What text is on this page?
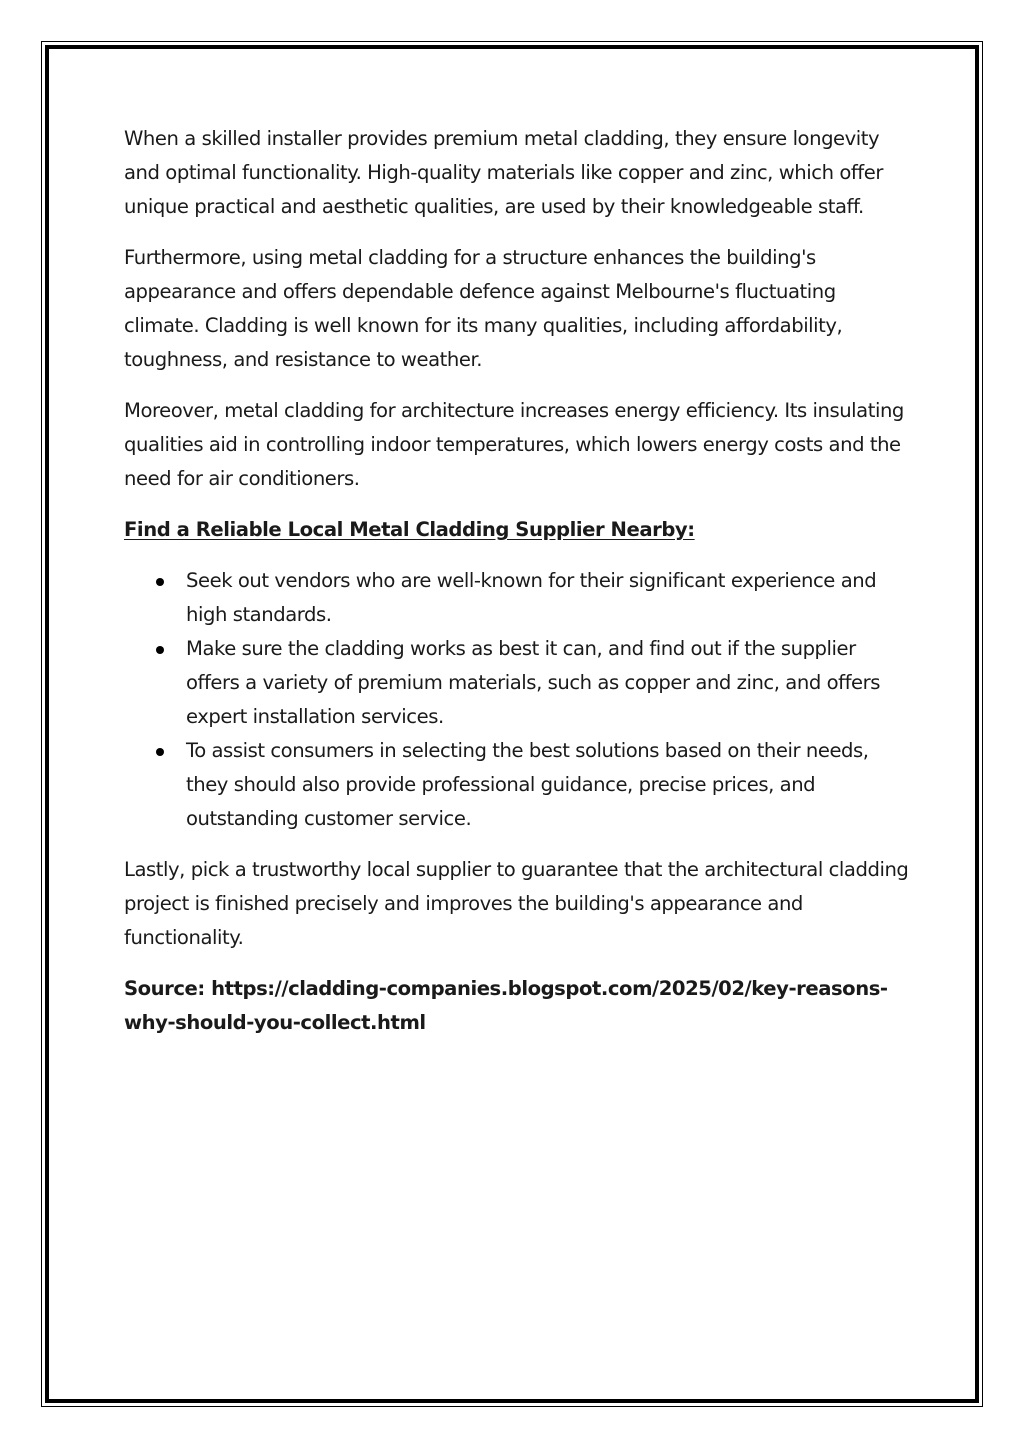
When a skilled installer provides premium metal cladding, they ensure longevity and optimal functionality. High-quality materials like copper and zinc, which offer unique practical and aesthetic qualities, are used by their knowledgeable staff.

Furthermore, using metal cladding for a structure enhances the building's appearance and offers dependable defence against Melbourne's fluctuating climate. Cladding is well known for its many qualities, including affordability, toughness, and resistance to weather.

Moreover, metal cladding for architecture increases energy efficiency. Its insulating qualities aid in controlling indoor temperatures, which lowers energy costs and the need for air conditioners.

Find a Reliable Local Metal Cladding Supplier Nearby:

Seek out vendors who are well-known for their significant experience and high standards.
Make sure the cladding works as best it can, and find out if the supplier offers a variety of premium materials, such as copper and zinc, and offers expert installation services.
To assist consumers in selecting the best solutions based on their needs, they should also provide professional guidance, precise prices, and outstanding customer service.

Lastly, pick a trustworthy local supplier to guarantee that the architectural cladding project is finished precisely and improves the building's appearance and functionality.

Source: https://cladding-companies.blogspot.com/2025/02/key-reasons-
why-should-you-collect.html
